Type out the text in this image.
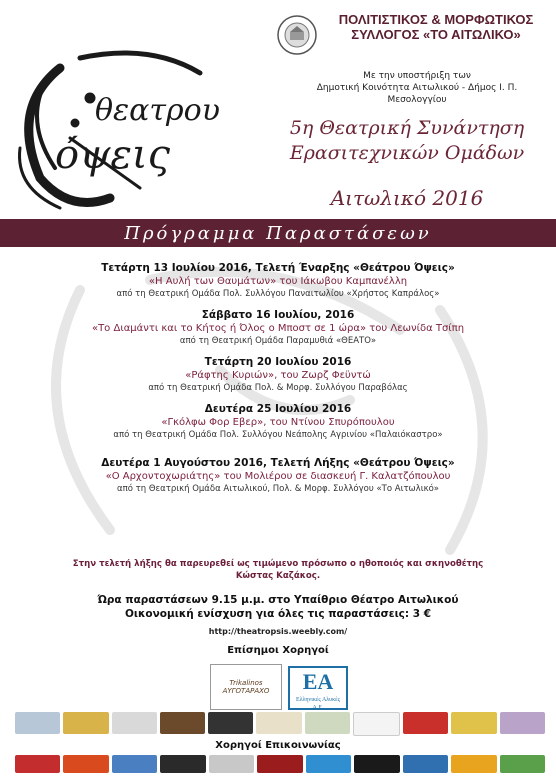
θεατρου
όψεις
ΠΟΛΙΤΙΣΤΙΚΟΣ & ΜΟΡΦΩΤΙΚΟΣ
ΣΥΛΛΟΓΟΣ «ΤΟ ΑΙΤΩΛΙΚΟ»
Με την υποστήριξη των
Δημοτική Κοινότητα Αιτωλικού - Δήμος Ι. Π. Μεσολογγίου
5η Θεατρική Συνάντηση
Ερασιτεχνικών Ομάδων
Αιτωλικό 2016
Πρόγραμμα Παραστάσεων
Τετάρτη 13 Ιουλίου 2016, Τελετή Έναρξης «Θεάτρου Όψεις»
«Η Αυλή των Θαυμάτων» του Ιάκωβου Καμπανέλλη
από τη Θεατρική Ομάδα Πολ. Συλλόγου Παναιτωλίου «Χρήστος Καπράλος»
Σάββατο 16 Ιουλίου, 2016
«Το Διαμάντι και το Κήτος ή Όλος ο Μποστ σε 1 ώρα» του Λεωνίδα Τσίπη
από τη Θεατρική Ομάδα Παραμυθιά «ΘΕΑΤΟ»
Τετάρτη 20 Ιουλίου 2016
«Ράφτης Κυριών», του Ζωρζ Φεϋντώ
από τη Θεατρική Ομάδα Πολ. & Μορφ. Συλλόγου Παραβόλας
Δευτέρα 25 Ιουλίου 2016
«Γκόλφω Φορ Εβερ», του Ντίνου Σπυρόπουλου
από τη Θεατρική Ομάδα Πολ. Συλλόγου Νεάπολης Αγρινίου «Παλαιόκαστρο»
Δευτέρα 1 Αυγούστου 2016, Τελετή Λήξης «Θεάτρου Όψεις»
«Ο Αρχοντοχωριάτης» του Μολιέρου σε διασκευή Γ. Καλατζόπουλου
από τη Θεατρική Ομάδα Αιτωλικού, Πολ. & Μορφ. Συλλόγου «Το Αιτωλικό»
Στην τελετή λήξης θα παρευρεθεί ως τιμώμενο πρόσωπο ο ηθοποιός και σκηνοθέτης
Κώστας Καζάκος.
Ώρα παραστάσεων 9.15 μ.μ. στο Υπαίθριο Θέατρο Αιτωλικού
Οικονομική ενίσχυση για όλες τις παραστάσεις: 3 €
http://theatropsis.weebly.com/
Επίσημοι Χορηγοί
Trikalinos ΑΥΓΟΤΑΡΑΧΟ	ΕΑ
Ελληνικές Αλυκές Α.Ε.
Χορηγοί Επικοινωνίας
